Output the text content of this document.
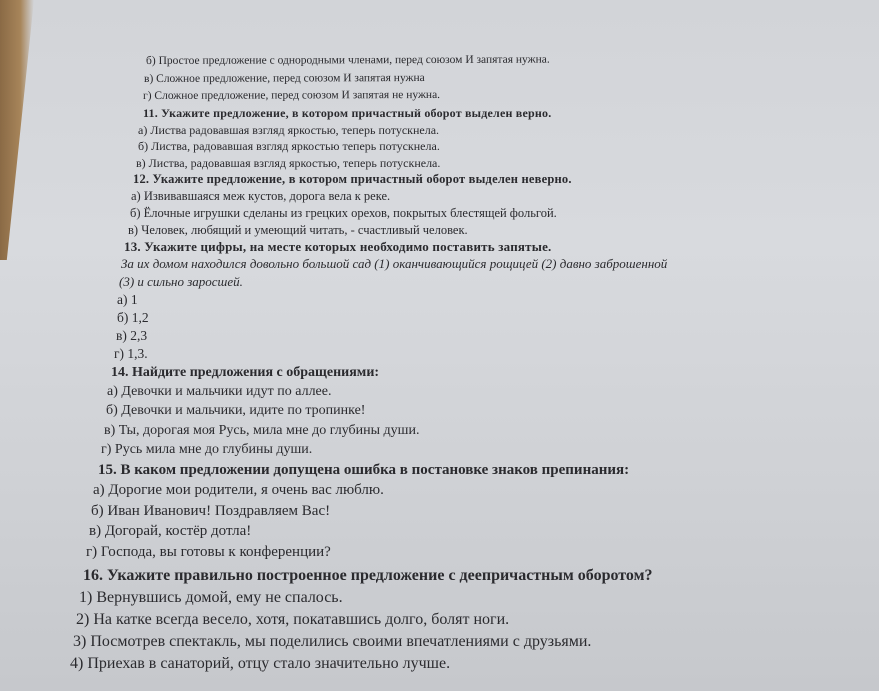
б) Простое предложение с однородными членами, перед союзом И запятая нужна.
в) Сложное предложение, перед союзом И запятая нужна
г) Сложное предложение, перед союзом И запятая не нужна.
11. Укажите предложение, в котором причастный оборот выделен верно.
а) Листва радовавшая взгляд яркостью, теперь потускнела.
б) Листва, радовавшая взгляд яркостью теперь потускнела.
в) Листва, радовавшая взгляд яркостью, теперь потускнела.
12. Укажите предложение, в котором причастный оборот выделен неверно.
а) Извивавшаяся меж кустов, дорога вела к реке.
б) Ёлочные игрушки сделаны из грецких орехов, покрытых блестящей фольгой.
в) Человек, любящий и умеющий читать, - счастливый человек.
13. Укажите цифры, на месте которых необходимо поставить запятые.
За их домом находился довольно большой сад (1) оканчивающийся рощицей (2) давно заброшенной
(3) и сильно заросшей.
а) 1
б) 1,2
в) 2,3
г) 1,3.
14. Найдите предложения с обращениями:
а) Девочки и мальчики идут по аллее.
б) Девочки и мальчики, идите по тропинке!
в) Ты, дорогая моя Русь, мила мне до глубины души.
г) Русь мила мне до глубины души.
15. В каком предложении допущена ошибка в постановке знаков препинания:
а) Дорогие мои родители, я очень вас люблю.
б) Иван Иванович! Поздравляем Вас!
в) Догорай, костёр дотла!
г) Господа, вы готовы к конференции?
16. Укажите правильно построенное предложение с деепричастным оборотом?
1) Вернувшись домой, ему не спалось.
2) На катке всегда весело, хотя, покатавшись долго, болят ноги.
3) Посмотрев спектакль, мы поделились своими впечатлениями с друзьями.
4) Приехав в санаторий, отцу стало значительно лучше.
